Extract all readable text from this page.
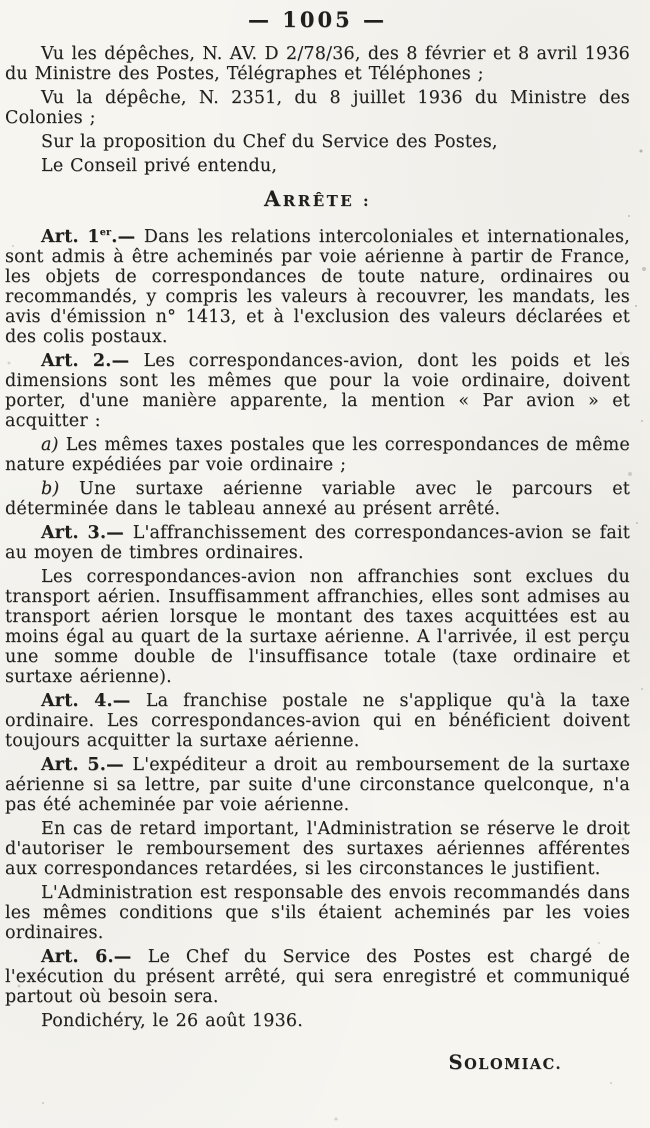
— 1005 —

Vu les dépêches, N. AV. D 2/78/36, des 8 février et 8 avril 1936 du Ministre des Postes, Télégraphes et Téléphones ;

Vu la dépêche, N. 2351, du 8 juillet 1936 du Ministre des Colonies ;

Sur la proposition du Chef du Service des Postes,

Le Conseil privé entendu,

ARRÊTE :

Art. 1er.— Dans les relations intercoloniales et internationales, sont admis à être acheminés par voie aérienne à partir de France, les objets de correspondances de toute nature, ordinaires ou recommandés, y compris les valeurs à recouvrer, les mandats, les avis d'émission n° 1413, et à l'exclusion des valeurs déclarées et des colis postaux.

Art. 2.— Les correspondances-avion, dont les poids et les dimensions sont les mêmes que pour la voie ordinaire, doivent porter, d'une manière apparente, la mention « Par avion » et acquitter :

a) Les mêmes taxes postales que les correspondances de même nature expédiées par voie ordinaire ;

b) Une surtaxe aérienne variable avec le parcours et déterminée dans le tableau annexé au présent arrêté.

Art. 3.— L'affranchissement des correspondances-avion se fait au moyen de timbres ordinaires.

Les correspondances-avion non affranchies sont exclues du transport aérien. Insuffisamment affranchies, elles sont admises au transport aérien lorsque le montant des taxes acquittées est au moins égal au quart de la surtaxe aérienne. A l'arrivée, il est perçu une somme double de l'insuffisance totale (taxe ordinaire et surtaxe aérienne).

Art. 4.— La franchise postale ne s'applique qu'à la taxe ordinaire. Les correspondances-avion qui en bénéficient doivent toujours acquitter la surtaxe aérienne.

Art. 5.— L'expéditeur a droit au remboursement de la surtaxe aérienne si sa lettre, par suite d'une circonstance quelconque, n'a pas été acheminée par voie aérienne.

En cas de retard important, l'Administration se réserve le droit d'autoriser le remboursement des surtaxes aériennes afférentes aux correspondances retardées, si les circonstances le justifient.

L'Administration est responsable des envois recommandés dans les mêmes conditions que s'ils étaient acheminés par les voies ordinaires.

Art. 6.— Le Chef du Service des Postes est chargé de l'exécution du présent arrêté, qui sera enregistré et communiqué partout où besoin sera.

Pondichéry, le 26 août 1936.

SOLOMIAC.
